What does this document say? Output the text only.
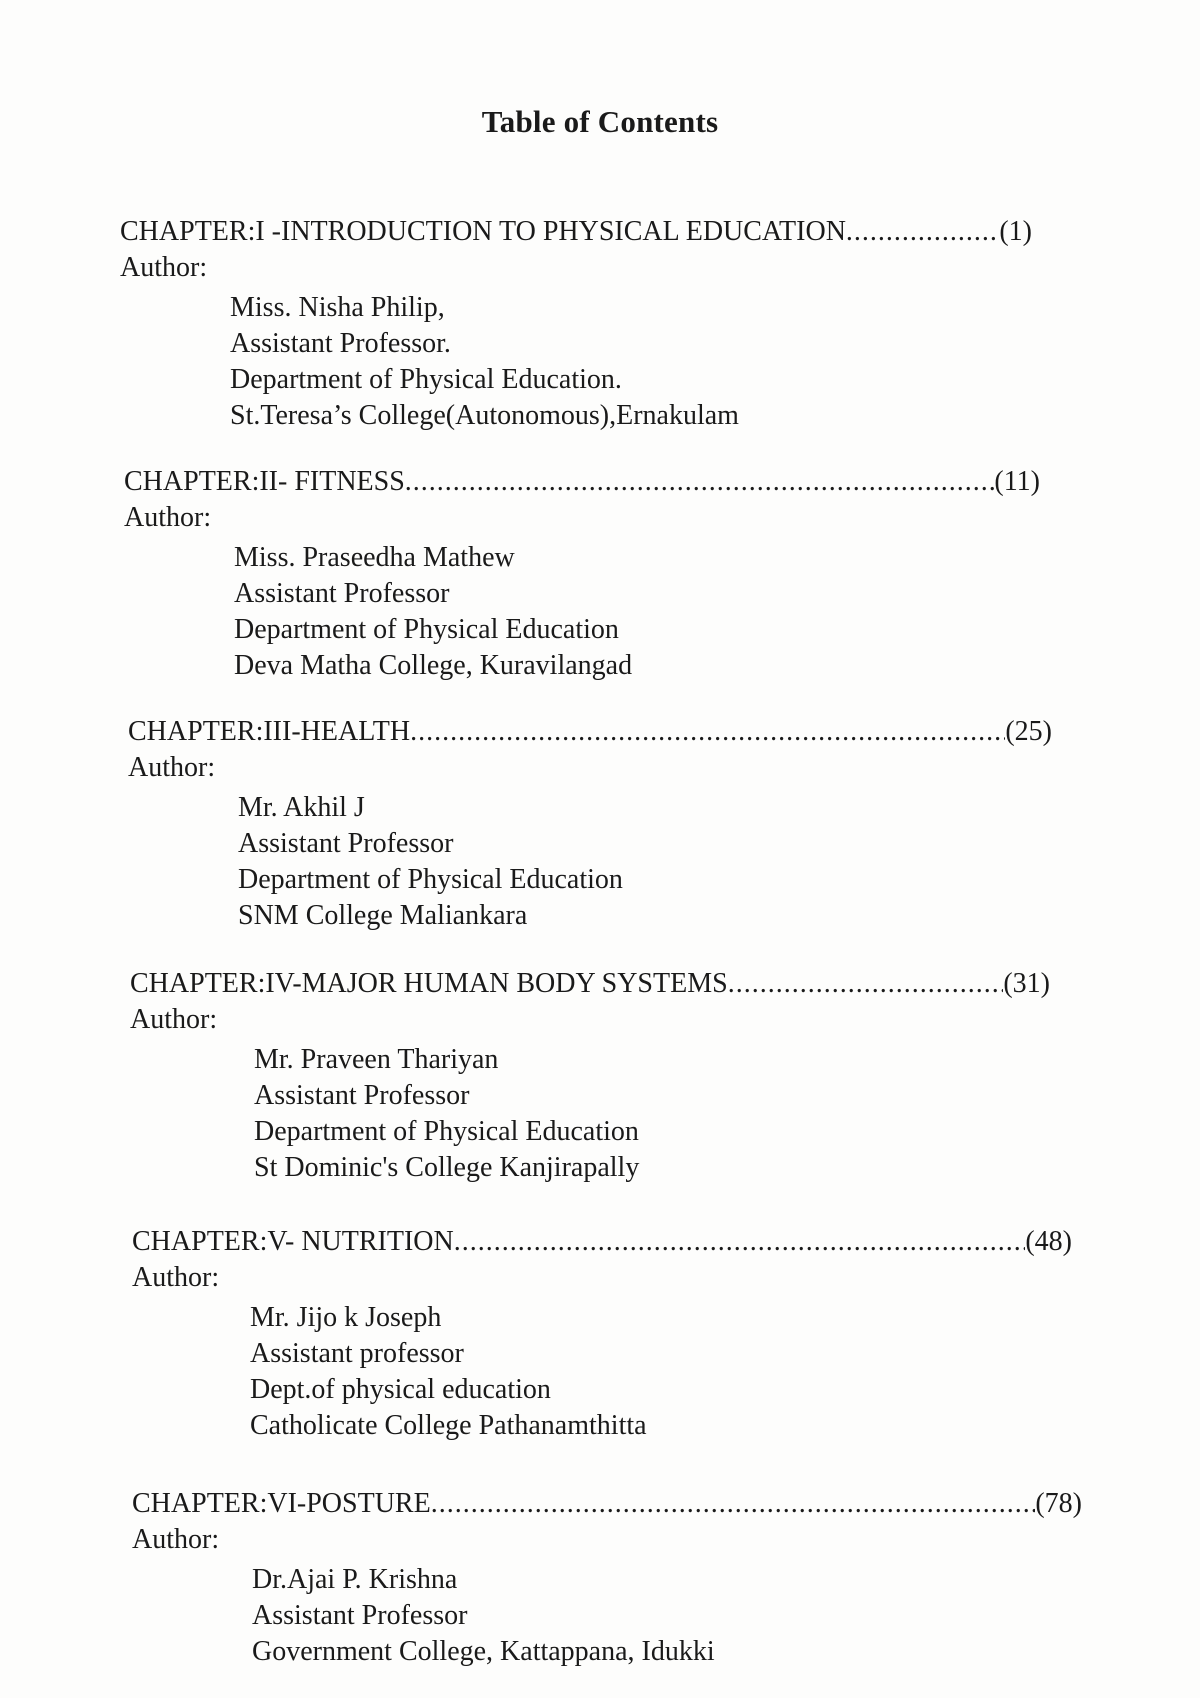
Table of Contents
CHAPTER:I -INTRODUCTION TO PHYSICAL EDUCATION .....	(1)
Author:
Miss. Nisha Philip,
Assistant Professor.
Department of Physical Education.
St.Teresa’s College(Autonomous),Ernakulam
CHAPTER:II- FITNESS .....	(11)
Author:
Miss. Praseedha Mathew
Assistant Professor
Department of Physical Education
Deva Matha College, Kuravilangad
CHAPTER:III-HEALTH .....	(25)
Author:
Mr. Akhil J
Assistant Professor
Department of Physical Education
SNM College Maliankara
CHAPTER:IV-MAJOR HUMAN BODY SYSTEMS .....	(31)
Author:
Mr. Praveen Thariyan
Assistant Professor
Department of Physical Education
St Dominic's College Kanjirapally
CHAPTER:V- NUTRITION .....	(48)
Author:
Mr. Jijo k Joseph
Assistant professor
Dept.of physical education
Catholicate College Pathanamthitta
CHAPTER:VI-POSTURE .....	(78)
Author:
Dr.Ajai P. Krishna
Assistant Professor
Government College, Kattappana, Idukki
